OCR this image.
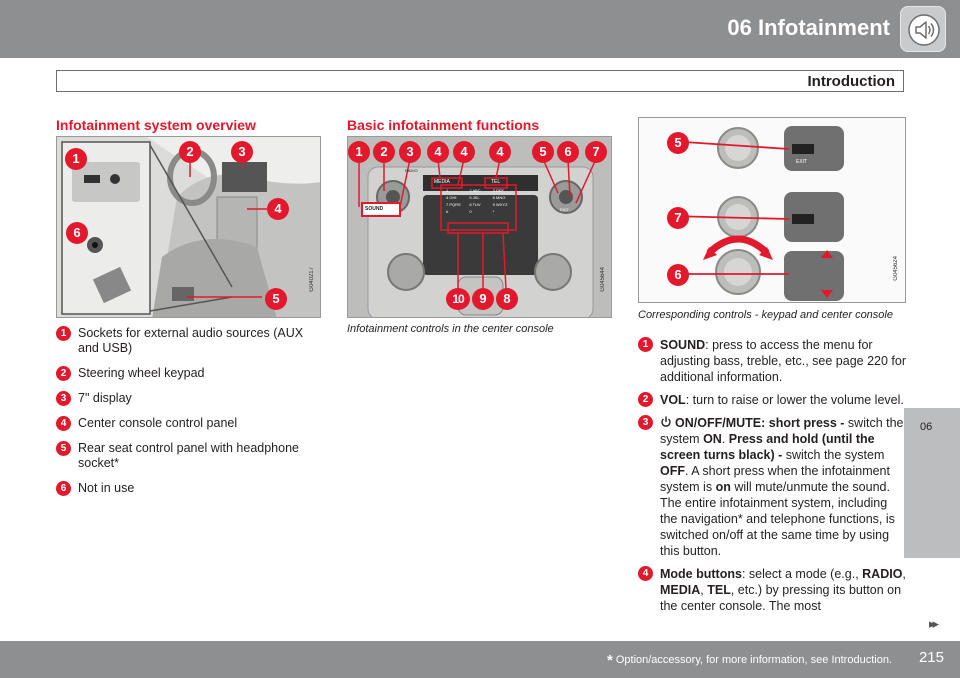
06 Infotainment
Introduction
06
Infotainment system overview
1	2	3
4
6
5
G040217
1 Sockets for external audio sources (AUX and USB)
2 Steering wheel keypad
3 7" display
4 Center console control panel
5 Rear seat control panel with headphone socket*
6 Not in use
Basic infotainment functions
SOUND
MEDIA	TEL
1	2 ABC	3 DEF
4 GHI	5 JKL	6 MNO
7 PQRS	8 TUV	9 WXYZ
#	0	*
RADIO
EXIT
1	2	3	4	4	4	5	6	7
10	9	8
G045644
Infotainment controls in the center console
EXIT
5
7
6	G045624
Corresponding controls - keypad and center console
1 SOUND: press to access the menu for adjusting bass, treble, etc., see page 220 for additional information.
2 VOL: turn to raise or lower the volume level.
3	ON/OFF/MUTE: short press - switch the system ON. Press and hold (until the screen turns black) - switch the system OFF. A short press when the infotainment system is on will mute/unmute the sound. The entire infotainment system, including the navigation* and telephone functions, is switched on/off at the same time by using this button.
4 Mode buttons: select a mode (e.g., RADIO, MEDIA, TEL, etc.) by pressing its button on the center console. The most
▸▸
* Option/accessory, for more information, see Introduction. 215
